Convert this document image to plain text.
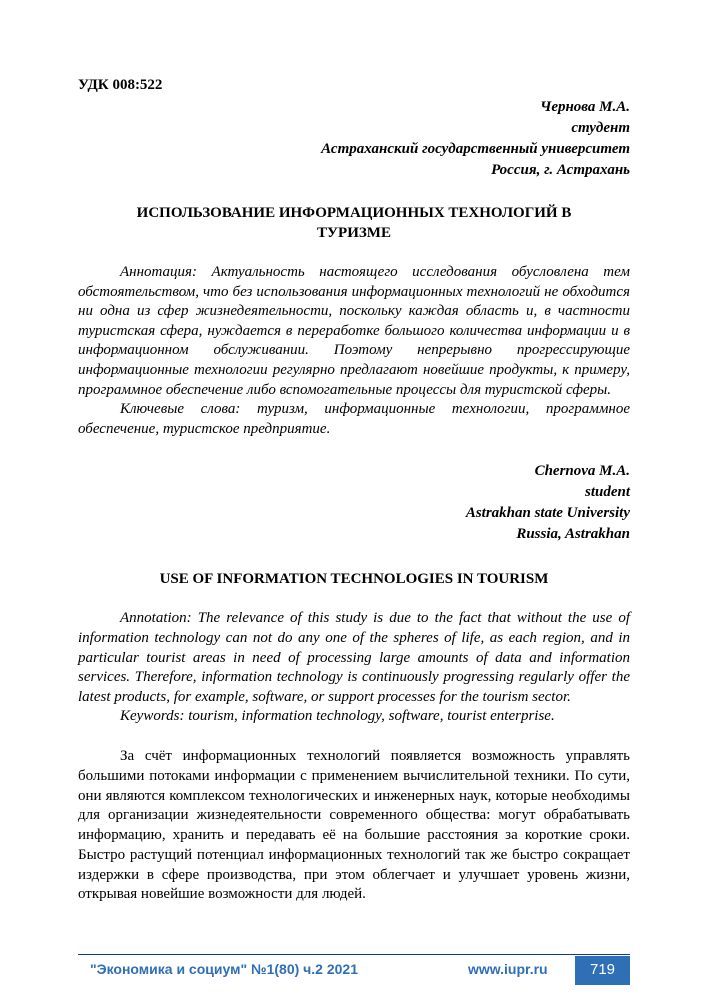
УДК 008:522

Чернова М.А.
студент
Астраханский государственный университет
Россия, г. Астрахань
ИСПОЛЬЗОВАНИЕ ИНФОРМАЦИОННЫХ ТЕХНОЛОГИЙ В ТУРИЗМЕ

Аннотация: Актуальность настоящего исследования обусловлена тем обстоятельством, что без использования информационных технологий не обходится ни одна из сфер жизнедеятельности, поскольку каждая область и, в частности туристская сфера, нуждается в переработке большого количества информации и в информационном обслуживании. Поэтому непрерывно прогрессирующие информационные технологии регулярно предлагают новейшие продукты, к примеру, программное обеспечение либо вспомогательные процессы для туристской сферы.

Ключевые слова: туризм, информационные технологии, программное обеспечение, туристское предприятие.

Chernova M.A.
student
Astrakhan state University
Russia, Astrakhan
USE OF INFORMATION TECHNOLOGIES IN TOURISM

Annotation: The relevance of this study is due to the fact that without the use of information technology can not do any one of the spheres of life, as each region, and in particular tourist areas in need of processing large amounts of data and information services. Therefore, information technology is continuously progressing regularly offer the latest products, for example, software, or support processes for the tourism sector.

Keywords: tourism, information technology, software, tourist enterprise.

За счёт информационных технологий появляется возможность управлять большими потоками информации с применением вычислительной техники. По сути, они являются комплексом технологических и инженерных наук, которые необходимы для организации жизнедеятельности современного общества: могут обрабатывать информацию, хранить и передавать её на большие расстояния за короткие сроки. Быстро растущий потенциал информационных технологий так же быстро сокращает издержки в сфере производства, при этом облегчает и улучшает уровень жизни, открывая новейшие возможности для людей.

"Экономика и социум" №1(80) ч.2 2021	www.iupr.ru	719
